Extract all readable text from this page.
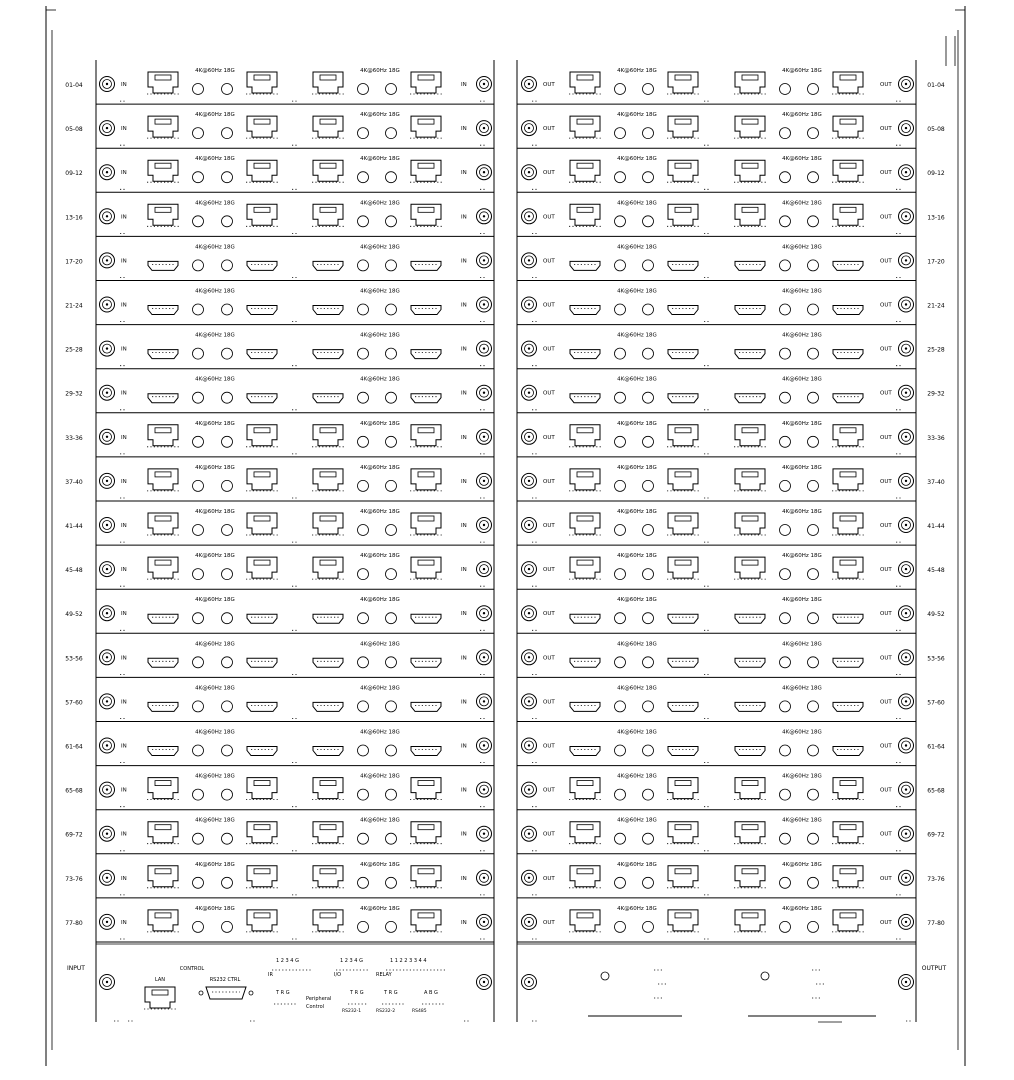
01-04	01-04
IN	IN	OUT	OUT
4K@60Hz 18G	4K@60Hz 18G	4K@60Hz 18G	4K@60Hz 18G
05-08	05-08
IN	IN	OUT	OUT
4K@60Hz 18G	4K@60Hz 18G	4K@60Hz 18G	4K@60Hz 18G
09-12	09-12
IN	IN	OUT	OUT
4K@60Hz 18G	4K@60Hz 18G	4K@60Hz 18G	4K@60Hz 18G
13-16	13-16
IN	IN	OUT	OUT
4K@60Hz 18G	4K@60Hz 18G	4K@60Hz 18G	4K@60Hz 18G
17-20	17-20
IN	IN	OUT	OUT
4K@60Hz 18G	4K@60Hz 18G	4K@60Hz 18G	4K@60Hz 18G
21-24	21-24
IN	IN	OUT	OUT
4K@60Hz 18G	4K@60Hz 18G	4K@60Hz 18G	4K@60Hz 18G
25-28	25-28
IN	IN	OUT	OUT
4K@60Hz 18G	4K@60Hz 18G	4K@60Hz 18G	4K@60Hz 18G
29-32	29-32
IN	IN	OUT	OUT
4K@60Hz 18G	4K@60Hz 18G	4K@60Hz 18G	4K@60Hz 18G
33-36	33-36
IN	IN	OUT	OUT
4K@60Hz 18G	4K@60Hz 18G	4K@60Hz 18G	4K@60Hz 18G
37-40	37-40
IN	IN	OUT	OUT
4K@60Hz 18G	4K@60Hz 18G	4K@60Hz 18G	4K@60Hz 18G
41-44	41-44
IN	IN	OUT	OUT
4K@60Hz 18G	4K@60Hz 18G	4K@60Hz 18G	4K@60Hz 18G
45-48	45-48
IN	IN	OUT	OUT
4K@60Hz 18G	4K@60Hz 18G	4K@60Hz 18G	4K@60Hz 18G
49-52	49-52
IN	IN	OUT	OUT
4K@60Hz 18G	4K@60Hz 18G	4K@60Hz 18G	4K@60Hz 18G
53-56	53-56
IN	IN	OUT	OUT
4K@60Hz 18G	4K@60Hz 18G	4K@60Hz 18G	4K@60Hz 18G
57-60	57-60
IN	IN	OUT	OUT
4K@60Hz 18G	4K@60Hz 18G	4K@60Hz 18G	4K@60Hz 18G
61-64	61-64
IN	IN	OUT	OUT
4K@60Hz 18G	4K@60Hz 18G	4K@60Hz 18G	4K@60Hz 18G
65-68	65-68
IN	IN	OUT	OUT
4K@60Hz 18G	4K@60Hz 18G	4K@60Hz 18G	4K@60Hz 18G
69-72	69-72
IN	IN	OUT	OUT
4K@60Hz 18G	4K@60Hz 18G	4K@60Hz 18G	4K@60Hz 18G
73-76	73-76
IN	IN	OUT	OUT
4K@60Hz 18G	4K@60Hz 18G	4K@60Hz 18G	4K@60Hz 18G
77-80	77-80
IN	IN	OUT	OUT
4K@60Hz 18G	4K@60Hz 18G	4K@60Hz 18G	4K@60Hz 18G
INPUT	OUTPUT
LAN
CONTROL
RS232 CTRL
IR
1 2 3 4 G
I/O
1 2 3 4 G
RELAY
1 1 2 2 3 3 4 4
T R G
Peripheral
Control
RS232-1
T R G
RS232-2
T R G
RS485
A B G
